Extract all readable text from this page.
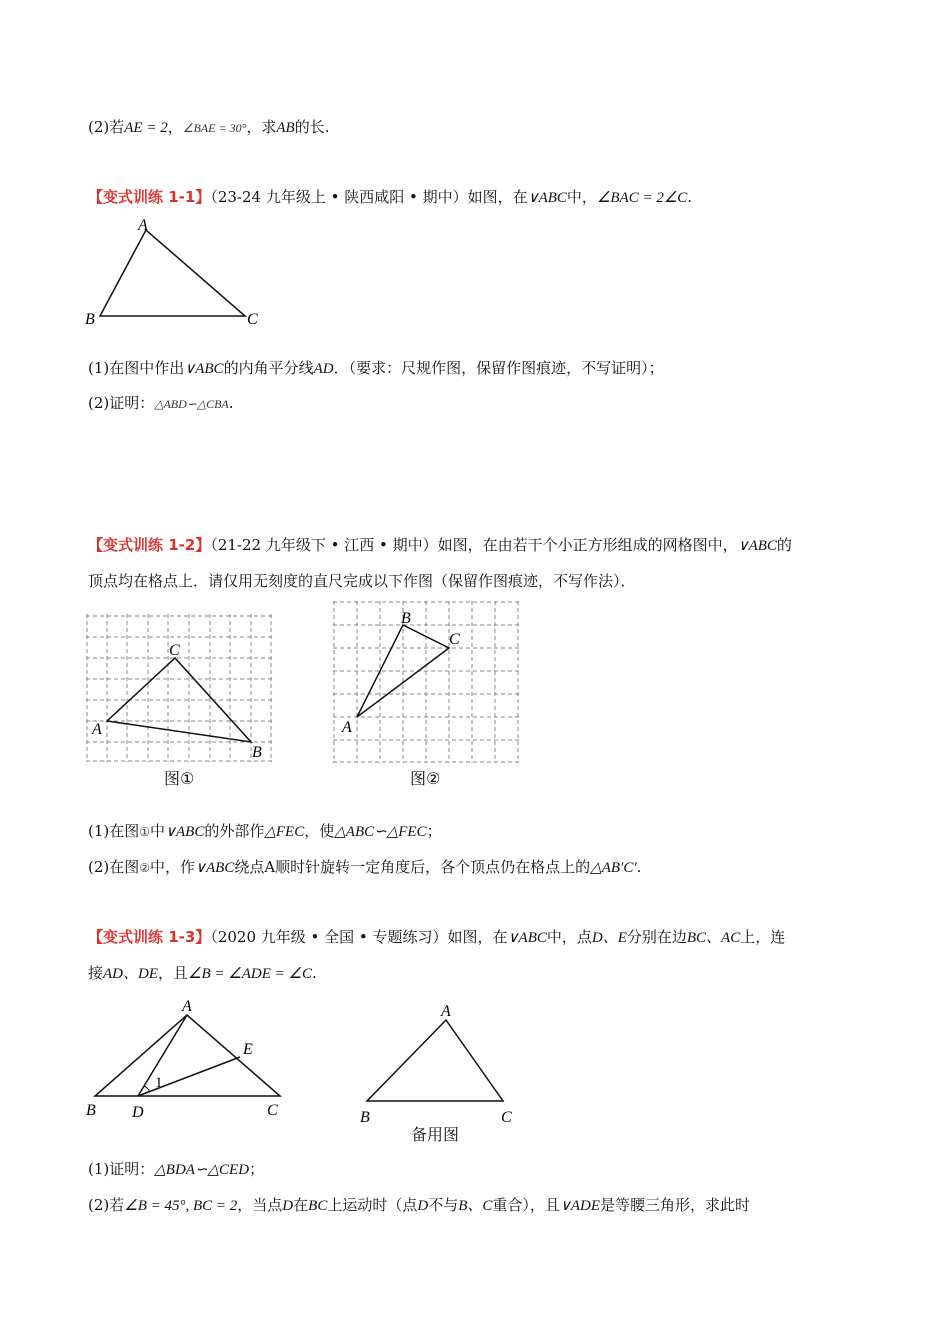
(2)若AE = 2，∠BAE = 30°，求AB的长.
【变式训练 1-1】（23-24 九年级上 • 陕西咸阳 • 期中）如图，在∨ABC中，∠BAC = 2∠C.
A
B	C
(1)在图中作出∨ABC的内角平分线AD．（要求：尺规作图，保留作图痕迹，不写证明）；
(2)证明：△ABD∽△CBA.
【变式训练 1-2】（21-22 九年级下 • 江西 • 期中）如图，在由若干个小正方形组成的网格图中，∨ABC的
顶点均在格点上．请仅用无刻度的直尺完成以下作图（保留作图痕迹，不写作法）．
C
A
B
图①
B
C
A
图②
(1)在图①中∨ABC的外部作△FEC，使△ABC∽△FEC；
(2)在图②中，作∨ABC绕点A顺时针旋转一定角度后，各个顶点仍在格点上的△AB′C′.
【变式训练 1-3】（2020 九年级 • 全国 • 专题练习）如图，在∨ABC中，点D、E分别在边BC、AC上，连
接AD、DE，且∠B = ∠ADE = ∠C.
A
E
B D	C
1
A
B	C
备用图
(1)证明：△BDA∽△CED；
(2)若∠B = 45°, BC = 2，当点D在BC上运动时（点D不与B、C重合），且∨ADE是等腰三角形，求此时
